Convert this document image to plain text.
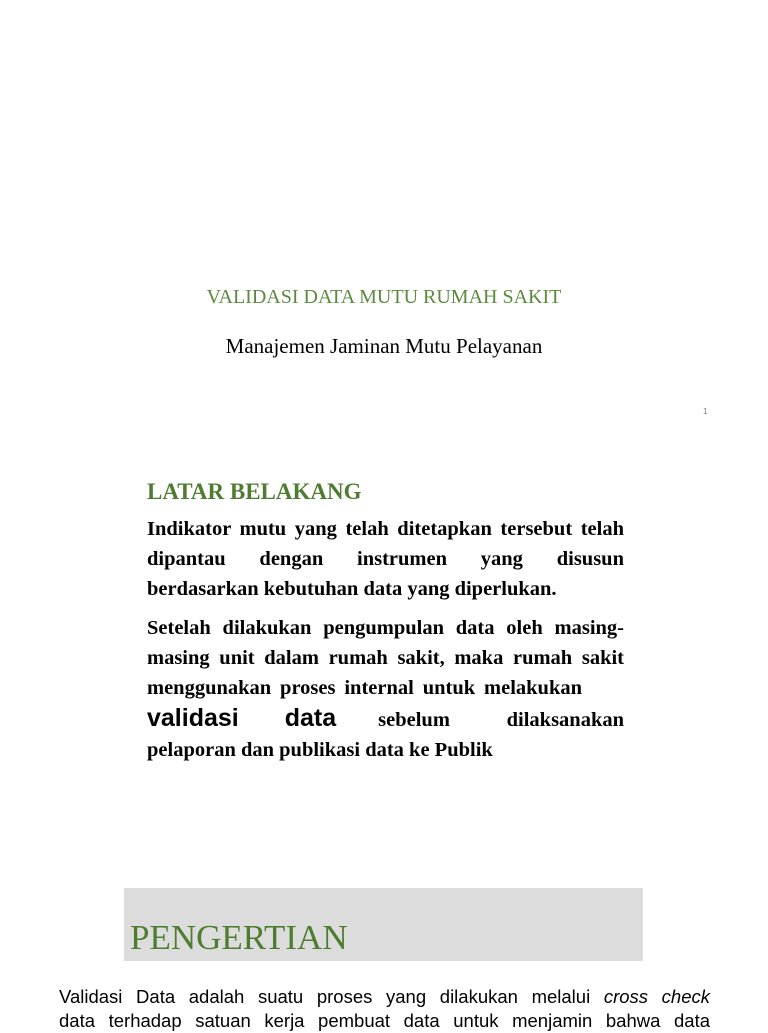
VALIDASI DATA MUTU RUMAH SAKIT
Manajemen Jaminan Mutu Pelayanan
1
LATAR BELAKANG

Indikator mutu yang telah ditetapkan tersebut telah dipantau dengan instrumen yang disusun berdasarkan kebutuhan data yang diperlukan.

Setelah dilakukan pengumpulan data oleh masing-masing unit dalam rumah sakit, maka rumah sakit menggunakan proses internal untuk melakukanvalidasi data sebelum dilaksanakan pelaporan dan publikasi data ke Publik

PENGERTIAN

Validasi Data adalah suatu proses yang dilakukan melalui cross check
data terhadap satuan kerja pembuat data untuk menjamin bahwa data
